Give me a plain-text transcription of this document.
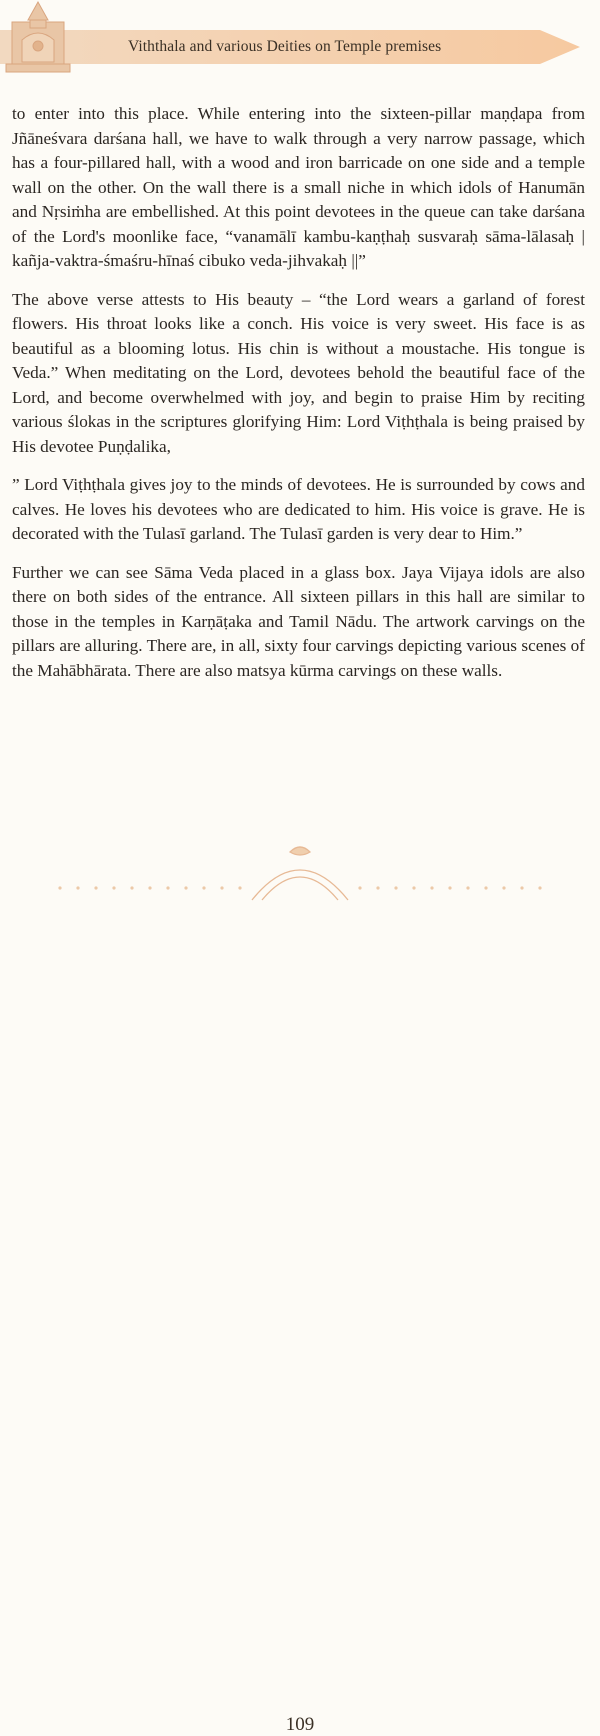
Viththala and various Deities on Temple premises

to enter into this place. While entering into the sixteen-pillar maṇḍapa from Jñāneśvara darśana hall, we have to walk through a very narrow passage, which has a four-pillared hall, with a wood and iron barricade on one side and a temple wall on the other. On the wall there is a small niche in which idols of Hanumān and Nṛsiṁha are embellished. At this point devotees in the queue can take darśana of the Lord's moonlike face, “vanamālī kambu-kaṇṭhaḥ susvaraḥ sāma-lālasaḥ | kañja-vaktra-śmaśru-hīnaś cibuko veda-jihvakaḥ ||”

The above verse attests to His beauty – “the Lord wears a garland of forest flowers. His throat looks like a conch. His voice is very sweet. His face is as beautiful as a blooming lotus. His chin is without a moustache. His tongue is Veda.” When meditating on the Lord, devotees behold the beautiful face of the Lord, and become overwhelmed with joy, and begin to praise Him by reciting various ślokas in the scriptures glorifying Him: Lord Viṭhṭhala is being praised by His devotee Puṇḍalika,

” Lord Viṭhṭhala gives joy to the minds of devotees. He is surrounded by cows and calves. He loves his devotees who are dedicated to him. His voice is grave. He is decorated with the Tulasī garland. The Tulasī garden is very dear to Him.”

Further we can see Sāma Veda placed in a glass box. Jaya Vijaya idols are also there on both sides of the entrance. All sixteen pillars in this hall are similar to those in the temples in Karṇāṭaka and Tamil Nādu. The artwork carvings on the pillars are alluring. There are, in all, sixty four carvings depicting various scenes of the Mahābhārata. There are also matsya kūrma carvings on these walls.

109
